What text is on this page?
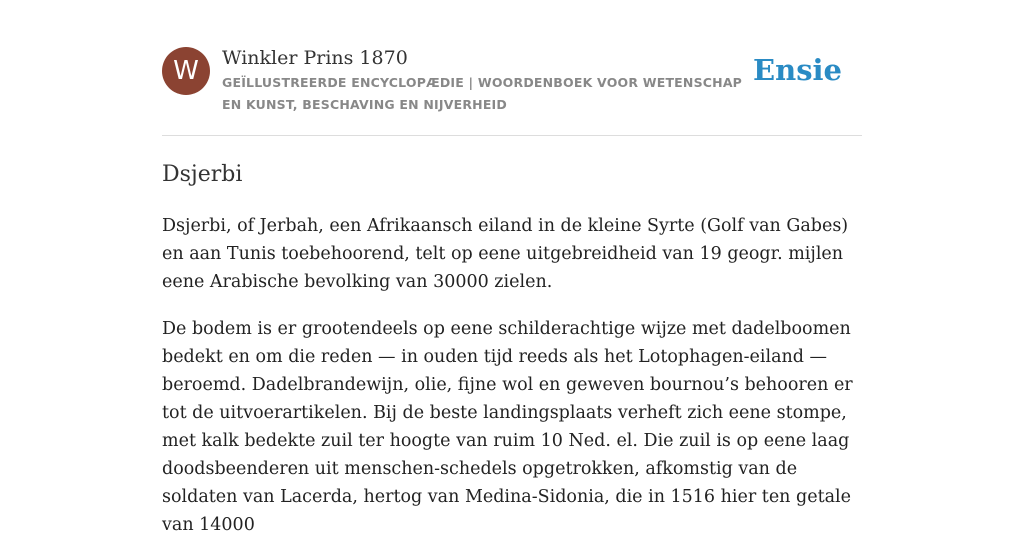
W	Winkler Prins 1870
GEÏLLUSTREERDE ENCYCLOPÆDIE | WOORDENBOEK VOOR WETENSCHAP EN KUNST, BESCHAVING EN NIJVERHEID
Ensie
Dsjerbi

Dsjerbi, of Jerbah, een Afrikaansch eiland in de kleine Syrte (Golf van Gabes) en aan Tunis toebehoorend, telt op eene uitgebreidheid van 19 geogr. mijlen eene Arabische bevolking van 30000 zielen.

De bodem is er grootendeels op eene schilderachtige wijze met dadelboomen bedekt en om die reden — in ouden tijd reeds als het Lotophagen-eiland — beroemd. Dadelbrandewijn, olie, fijne wol en geweven bournou’s behooren er tot de uitvoerartikelen. Bij de beste landingsplaats verheft zich eene stompe, met kalk bedekte zuil ter hoogte van ruim 10 Ned. el. Die zuil is op eene laag doodsbeenderen uit menschen-schedels opgetrokken, afkomstig van de soldaten van Lacerda, hertog van Medina-Sidonia, die in 1516 hier ten getale van 14000
